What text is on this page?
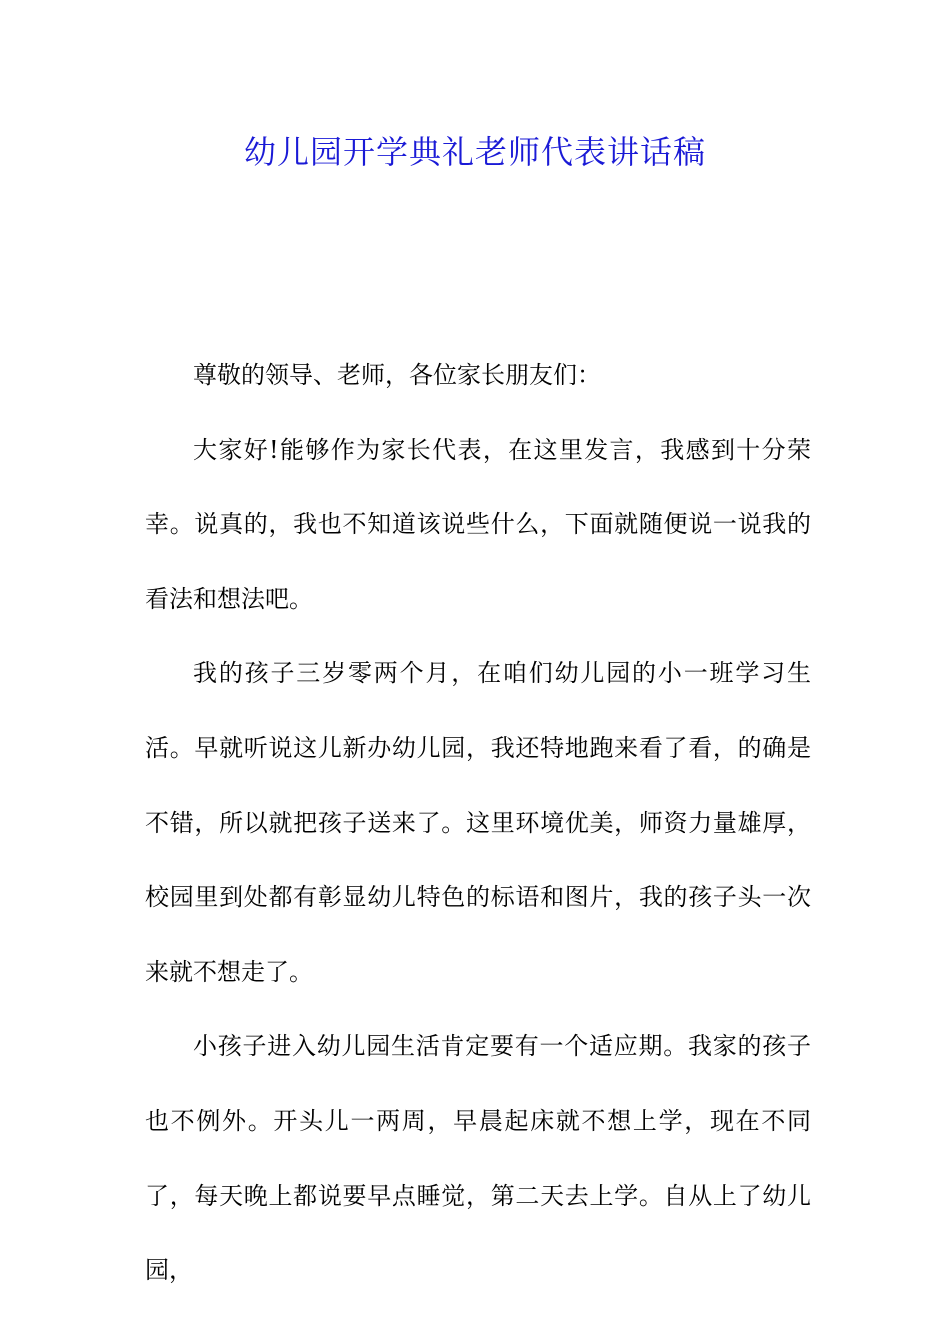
幼儿园开学典礼老师代表讲话稿

尊敬的领导、老师，各位家长朋友们：

大家好!能够作为家长代表，在这里发言，我感到十分荣幸。说真的，我也不知道该说些什么，下面就随便说一说我的看法和想法吧。

我的孩子三岁零两个月，在咱们幼儿园的小一班学习生活。早就听说这儿新办幼儿园，我还特地跑来看了看，的确是不错，所以就把孩子送来了。这里环境优美，师资力量雄厚，校园里到处都有彰显幼儿特色的标语和图片，我的孩子头一次来就不想走了。

小孩子进入幼儿园生活肯定要有一个适应期。我家的孩子也不例外。开头儿一两周，早晨起床就不想上学，现在不同了，每天晚上都说要早点睡觉，第二天去上学。自从上了幼儿园，
